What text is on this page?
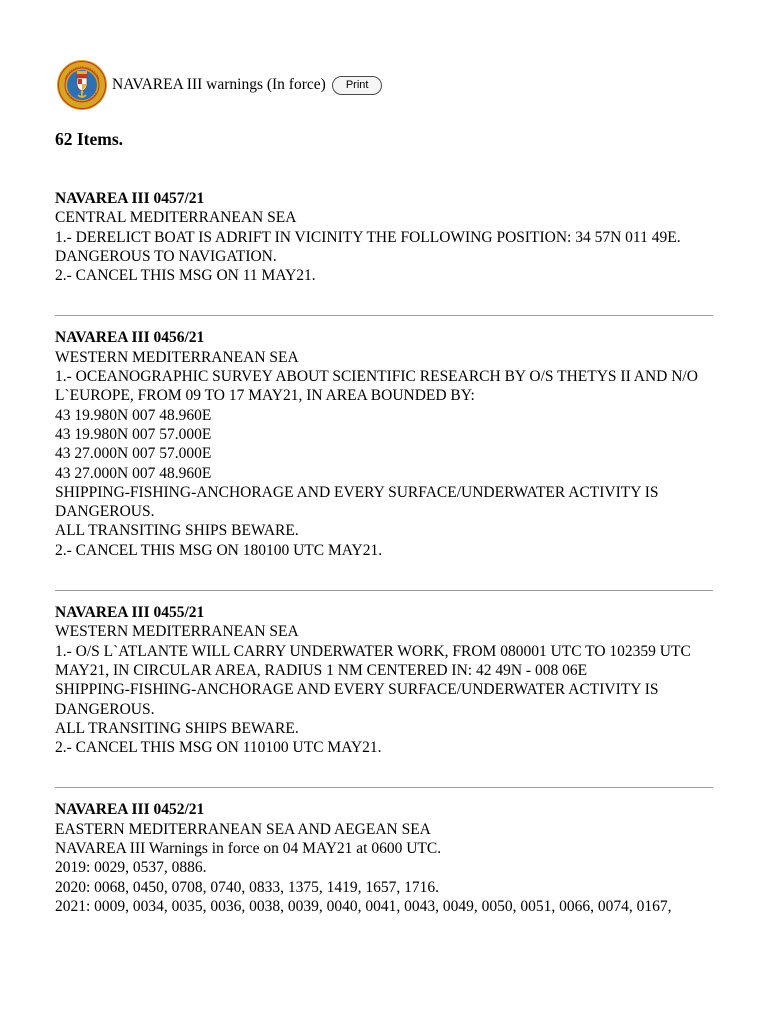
NAVAREA III warnings (In force)	Print
62 Items.

NAVAREA III 0457/21

CENTRAL MEDITERRANEAN SEA

1.- DERELICT BOAT IS ADRIFT IN VICINITY THE FOLLOWING POSITION: 34 57N 011 49E.

DANGEROUS TO NAVIGATION.

2.- CANCEL THIS MSG ON 11 MAY21.

NAVAREA III 0456/21

WESTERN MEDITERRANEAN SEA

1.- OCEANOGRAPHIC SURVEY ABOUT SCIENTIFIC RESEARCH BY O/S THETYS II AND N/O L`EUROPE, FROM 09 TO 17 MAY21, IN AREA BOUNDED BY:

43 19.980N 007 48.960E

43 19.980N 007 57.000E

43 27.000N 007 57.000E

43 27.000N 007 48.960E

SHIPPING-FISHING-ANCHORAGE AND EVERY SURFACE/UNDERWATER ACTIVITY IS DANGEROUS.

ALL TRANSITING SHIPS BEWARE.

2.- CANCEL THIS MSG ON 180100 UTC MAY21.

NAVAREA III 0455/21

WESTERN MEDITERRANEAN SEA

1.- O/S L`ATLANTE WILL CARRY UNDERWATER WORK, FROM 080001 UTC TO 102359 UTC MAY21, IN CIRCULAR AREA, RADIUS 1 NM CENTERED IN: 42 49N - 008 06E

SHIPPING-FISHING-ANCHORAGE AND EVERY SURFACE/UNDERWATER ACTIVITY IS DANGEROUS.

ALL TRANSITING SHIPS BEWARE.

2.- CANCEL THIS MSG ON 110100 UTC MAY21.

NAVAREA III 0452/21

EASTERN MEDITERRANEAN SEA AND AEGEAN SEA

NAVAREA III Warnings in force on 04 MAY21 at 0600 UTC.

2019: 0029, 0537, 0886.

2020: 0068, 0450, 0708, 0740, 0833, 1375, 1419, 1657, 1716.

2021: 0009, 0034, 0035, 0036, 0038, 0039, 0040, 0041, 0043, 0049, 0050, 0051, 0066, 0074, 0167,
